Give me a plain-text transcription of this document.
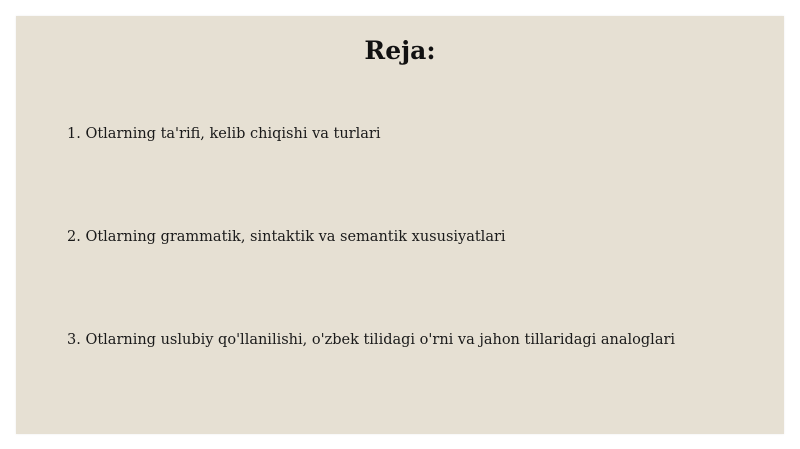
Reja:

1. Otlarning ta'rifi, kelib chiqishi va turlari

2. Otlarning grammatik, sintaktik va semantik xususiyatlari

3. Otlarning uslubiy qo'llanilishi, o'zbek tilidagi o'rni va jahon tillaridagi analoglari
